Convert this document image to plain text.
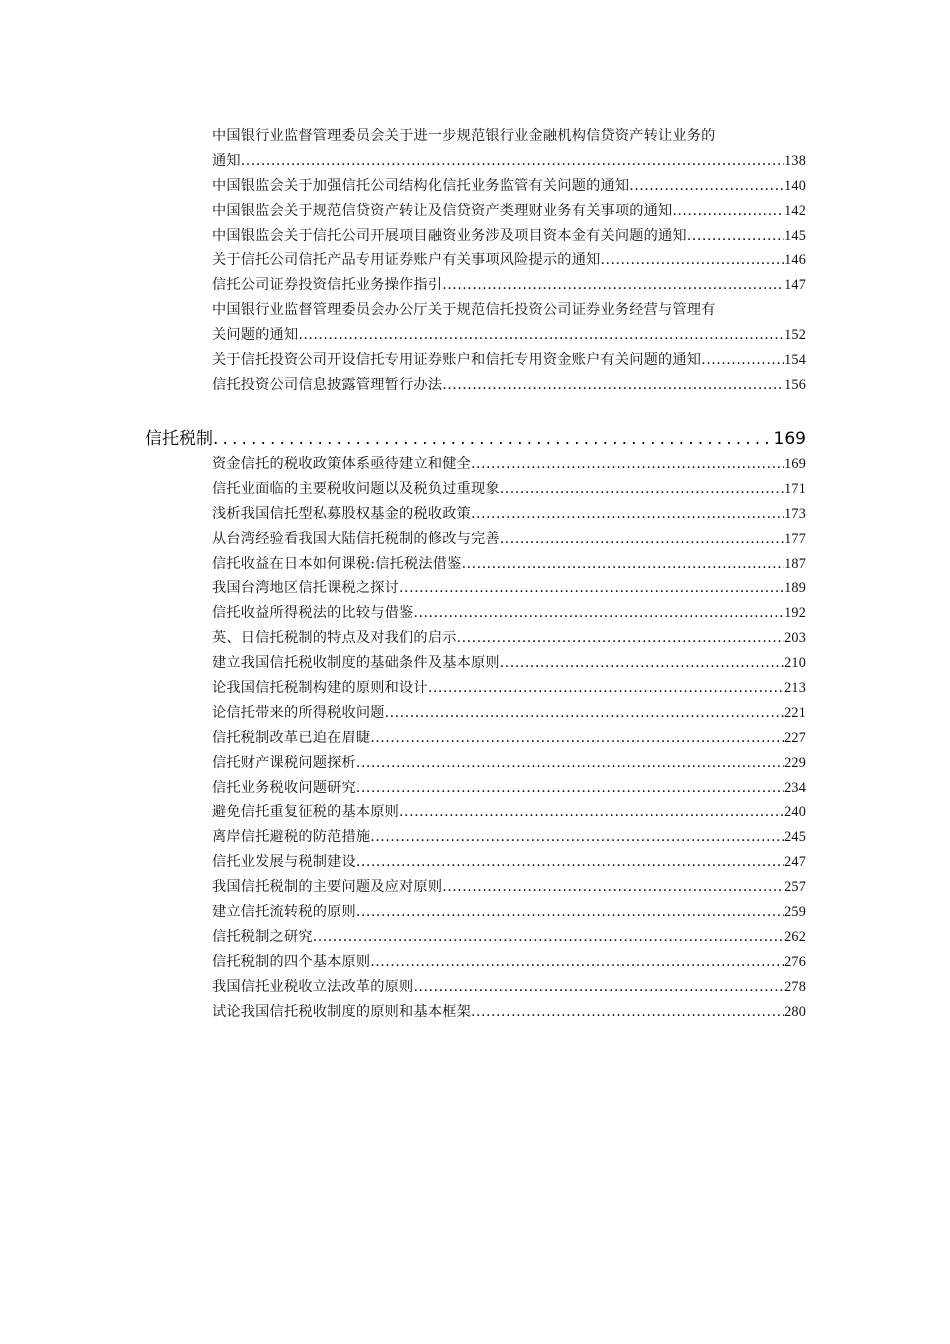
中国银行业监督管理委员会关于进一步规范银行业金融机构信贷资产转让业务的
通知 .....	138
中国银监会关于加强信托公司结构化信托业务监管有关问题的通知 .....	140
中国银监会关于规范信贷资产转让及信贷资产类理财业务有关事项的通知 .....	142
中国银监会关于信托公司开展项目融资业务涉及项目资本金有关问题的通知 .....	145
关于信托公司信托产品专用证券账户有关事项风险提示的通知 .....	146
信托公司证券投资信托业务操作指引 .....	147
中国银行业监督管理委员会办公厅关于规范信托投资公司证券业务经营与管理有
关问题的通知 .....	152
关于信托投资公司开设信托专用证券账户和信托专用资金账户有关问题的通知 .....	154
信托投资公司信息披露管理暂行办法 .....	156
信托税制 .....	169
资金信托的税收政策体系亟待建立和健全 .....	169
信托业面临的主要税收问题以及税负过重现象 .....	171
浅析我国信托型私募股权基金的税收政策 .....	173
从台湾经验看我国大陆信托税制的修改与完善 .....	177
信托收益在日本如何课税:信托税法借鉴 .....	187
我国台湾地区信托课税之探讨 .....	189
信托收益所得税法的比较与借鉴 .....	192
英、日信托税制的特点及对我们的启示 .....	203
建立我国信托税收制度的基础条件及基本原则 .....	210
论我国信托税制构建的原则和设计 .....	213
论信托带来的所得税收问题 .....	221
信托税制改革已迫在眉睫 .....	227
信托财产课税问题探析 .....	229
信托业务税收问题研究 .....	234
避免信托重复征税的基本原则 .....	240
离岸信托避税的防范措施 .....	245
信托业发展与税制建设 .....	247
我国信托税制的主要问题及应对原则 .....	257
建立信托流转税的原则 .....	259
信托税制之研究 .....	262
信托税制的四个基本原则 .....	276
我国信托业税收立法改革的原则 .....	278
试论我国信托税收制度的原则和基本框架 .....	280
